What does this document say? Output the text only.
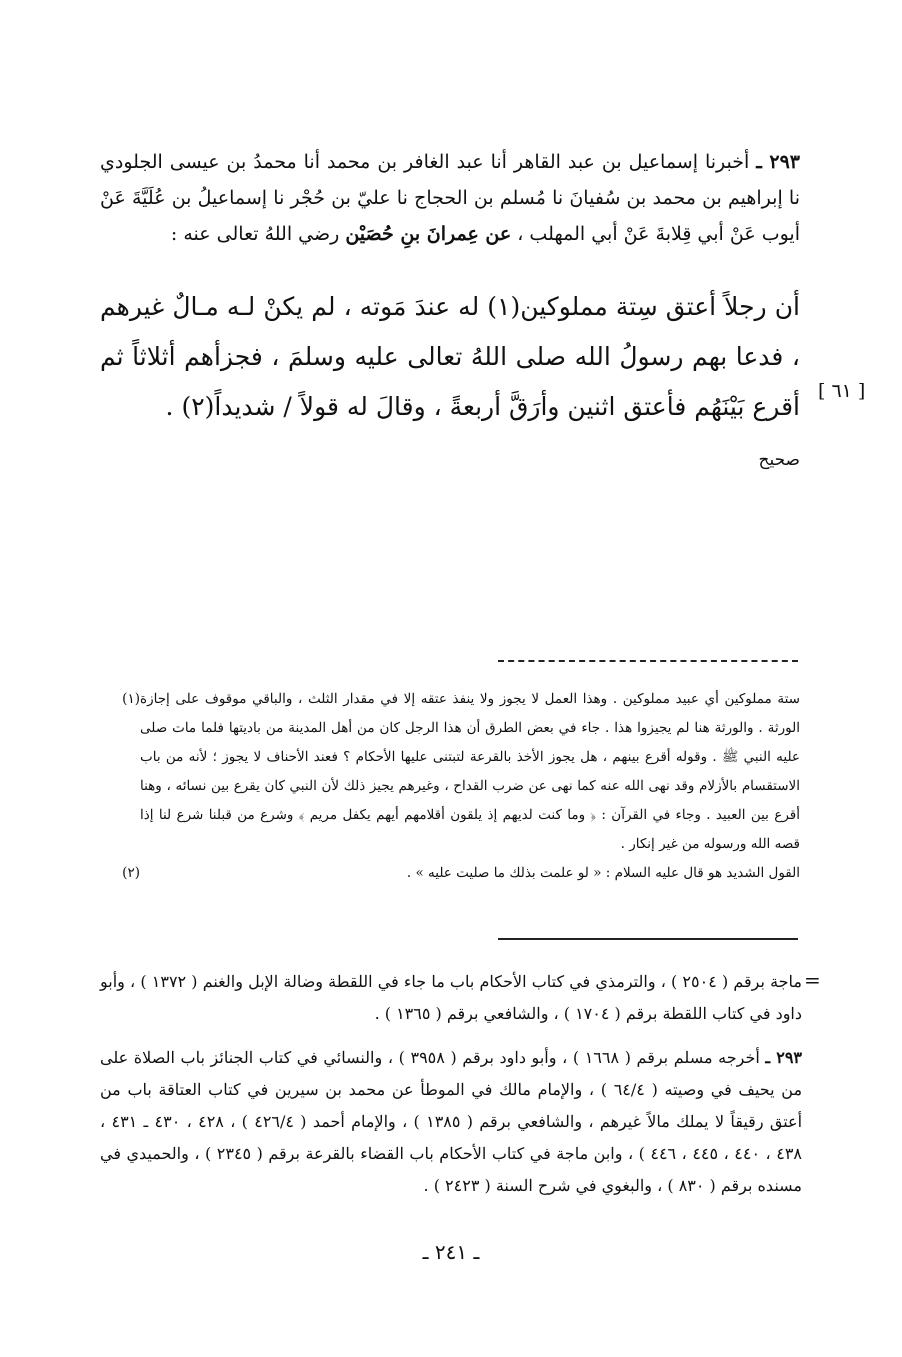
٢٩٣ ـ أخبرنا إسماعيل بن عبد القاهر أنا عبد الغافر بن محمد أنا محمدُ بن عيسى الجلودي نا إبراهيم بن محمد بن سُفيانَ نا مُسلم بن الحجاج نا عليّ بن حُجْر نا إسماعيلُ بن عُلَيَّةَ عَنْ أيوب عَنْ أبي قِلابةَ عَنْ أبي المهلب ، عن عِمرانَ بنِ حُصَيْن رضي اللهُ تعالى عنه :
أن رجلاً أعتق سِتة مملوكين(١) له عندَ مَوته ، لم يكنْ لـه مـالٌ غيرهم ، فدعا بهم رسولُ الله صلى اللهُ تعالى عليه وسلمَ ، فجزأهم أثلاثاً ثم أقرع بَيْنَهُم فأعتق اثنين وأرَقَّ أربعةً ، وقالَ له قولاً / شديداً(٢) .
[ ٦١ ]
صحيح
(١) ستة مملوكين أي عبيد مملوكين . وهذا العمل لا يجوز ولا ينفذ عتقه إلا في مقدار الثلث ، والباقي موقوف على إجازة الورثة . والورثة هنا لم يجيزوا هذا . جاء في بعض الطرق أن هذا الرجل كان من أهل المدينة من باديتها فلما مات صلى عليه النبي ﷺ . وقوله أقرع بينهم ، هل يجوز الأخذ بالقرعة لتبتنى عليها الأحكام ؟ فعند الأحناف لا يجوز ؛ لأنه من باب الاستقسام بالأزلام وقد نهى الله عنه كما نهى عن ضرب القداح ، وغيرهم يجيز ذلك لأن النبي كان يقرع بين نسائه ، وهنا أقرع بين العبيد . وجاء في القرآن : ﴿ وما كنت لديهم إذ يلقون أقلامهم أيهم يكفل مريم ﴾ وشرع من قبلنا شرع لنا إذا قصه الله ورسوله من غير إنكار .
(٢)	القول الشديد هو قال عليه السلام : « لو علمت بذلك ما صليت عليه » .
=
ماجة برقم ( ٢٥٠٤ ) ، والترمذي في كتاب الأحكام باب ما جاء في اللقطة وضالة الإبل والغنم ( ١٣٧٢ ) ، وأبو داود في كتاب اللقطة برقم ( ١٧٠٤ ) ، والشافعي برقم ( ١٣٦٥ ) .
٢٩٣ ـ أخرجه مسلم برقم ( ١٦٦٨ ) ، وأبو داود برقم ( ٣٩٥٨ ) ، والنسائي في كتاب الجنائز باب الصلاة على من يحيف في وصيته ( ٦٤/٤ ) ، والإمام مالك في الموطأ عن محمد بن سيرين في كتاب العتاقة باب من أعتق رقيقاً لا يملك مالاً غيرهم ، والشافعي برقم ( ١٣٨٥ ) ، والإمام أحمد ( ٤٢٦/٤ ) ، ٤٢٨ ، ٤٣٠ ـ ٤٣١ ، ٤٣٨ ، ٤٤٠ ، ٤٤٥ ، ٤٤٦ ) ، وابن ماجة في كتاب الأحكام باب القضاء بالقرعة برقم ( ٢٣٤٥ ) ، والحميدي في مسنده برقم ( ٨٣٠ ) ، والبغوي في شرح السنة ( ٢٤٢٣ ) .
ـ ٢٤١ ـ
